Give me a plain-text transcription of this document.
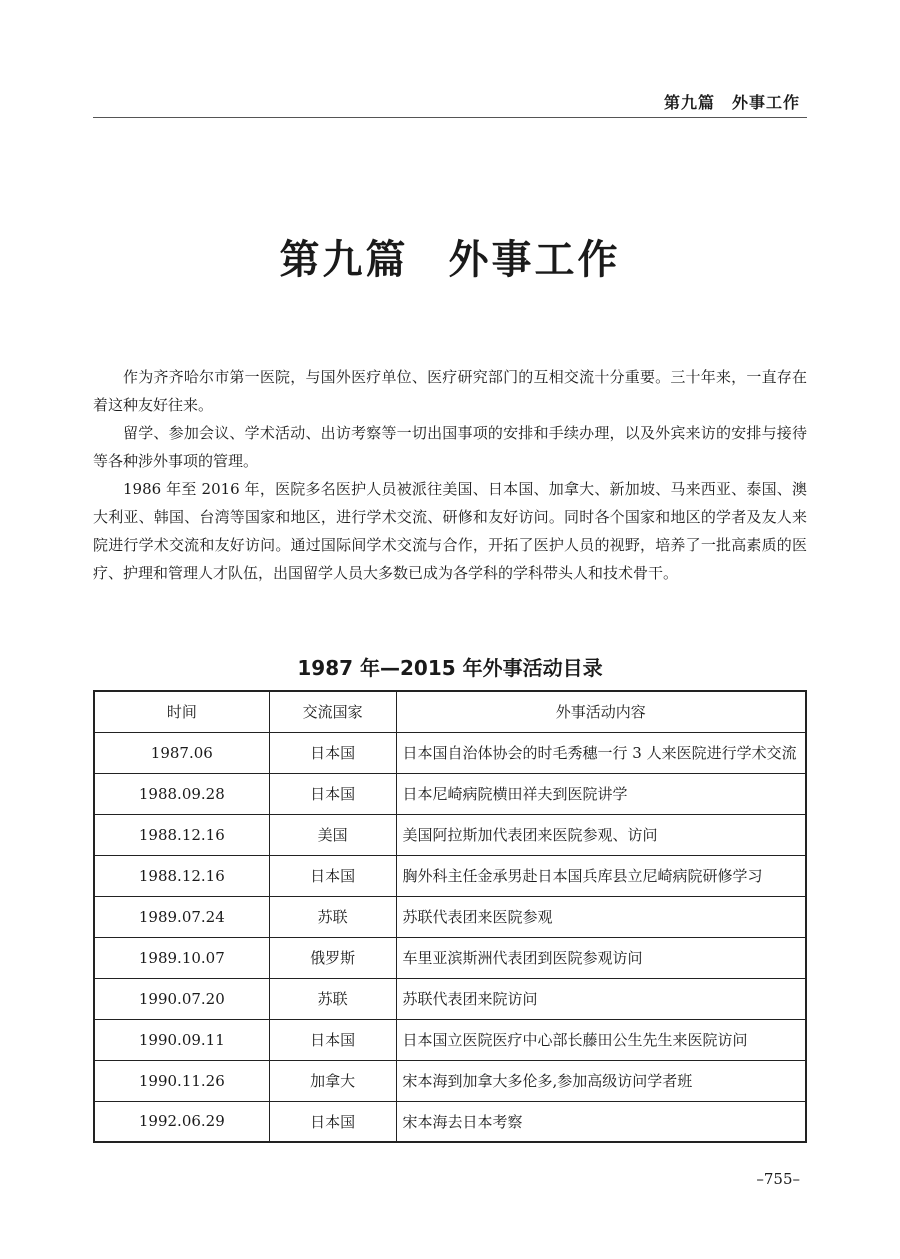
第九篇　外事工作
第九篇 外事工作

作为齐齐哈尔市第一医院，与国外医疗单位、医疗研究部门的互相交流十分重要。三十年来，一直存在着这种友好往来。

留学、参加会议、学术活动、出访考察等一切出国事项的安排和手续办理，以及外宾来访的安排与接待等各种涉外事项的管理。

1986 年至 2016 年，医院多名医护人员被派往美国、日本国、加拿大、新加坡、马来西亚、泰国、澳大利亚、韩国、台湾等国家和地区，进行学术交流、研修和友好访问。同时各个国家和地区的学者及友人来院进行学术交流和友好访问。通过国际间学术交流与合作，开拓了医护人员的视野，培养了一批高素质的医疗、护理和管理人才队伍，出国留学人员大多数已成为各学科的学科带头人和技术骨干。

1987 年—2015 年外事活动目录
时间	交流国家	外事活动内容
1987.06	日本国	日本国自治体协会的时毛秀穗一行 3 人来医院进行学术交流
1988.09.28	日本国	日本尼崎病院横田祥夫到医院讲学
1988.12.16	美国	美国阿拉斯加代表团来医院参观、访问
1988.12.16	日本国	胸外科主任金承男赴日本国兵库县立尼崎病院研修学习
1989.07.24	苏联	苏联代表团来医院参观
1989.10.07	俄罗斯	车里亚滨斯洲代表团到医院参观访问
1990.07.20	苏联	苏联代表团来院访问
1990.09.11	日本国	日本国立医院医疗中心部长藤田公生先生来医院访问
1990.11.26	加拿大	宋本海到加拿大多伦多,参加高级访问学者班
1992.06.29	日本国	宋本海去日本考察
–755–
